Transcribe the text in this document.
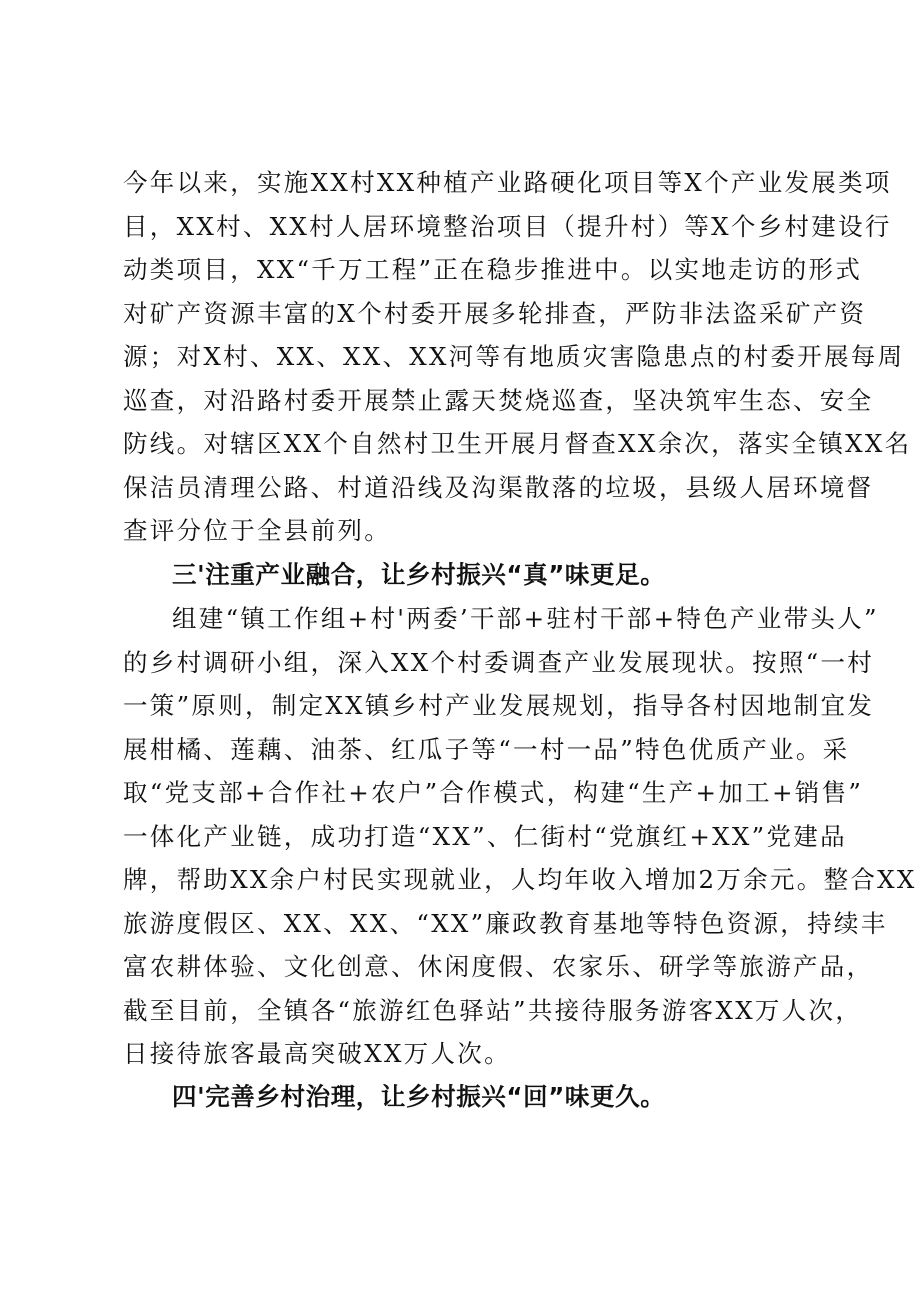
今年以来，实施XX村XX种植产业路硬化项目等X个产业发展类项
目，XX村、XX村人居环境整治项目（提升村）等X个乡村建设行
动类项目，XX“千万工程”正在稳步推进中。以实地走访的形式
对矿产资源丰富的X个村委开展多轮排查，严防非法盗采矿产资
源；对X村、XX、XX、XX河等有地质灾害隐患点的村委开展每周
巡查，对沿路村委开展禁止露天焚烧巡查，坚决筑牢生态、安全
防线。对辖区XX个自然村卫生开展月督查XX余次，落实全镇XX名
保洁员清理公路、村道沿线及沟渠散落的垃圾，县级人居环境督
查评分位于全县前列。
三'注重产业融合，让乡村振兴“真”味更足。
组建“镇工作组+村'两委’干部+驻村干部+特色产业带头人”
的乡村调研小组，深入XX个村委调查产业发展现状。按照“一村
一策”原则，制定XX镇乡村产业发展规划，指导各村因地制宜发
展柑橘、莲藕、油茶、红瓜子等“一村一品”特色优质产业。采
取“党支部+合作社+农户”合作模式，构建“生产+加工+销售”
一体化产业链，成功打造“XX”、仁街村“党旗红+XX”党建品
牌，帮助XX余户村民实现就业，人均年收入增加2万余元。整合XX
旅游度假区、XX、XX、“XX”廉政教育基地等特色资源，持续丰
富农耕体验、文化创意、休闲度假、农家乐、研学等旅游产品，
截至目前，全镇各“旅游红色驿站”共接待服务游客XX万人次，
日接待旅客最高突破XX万人次。
四'完善乡村治理，让乡村振兴“回”味更久。
